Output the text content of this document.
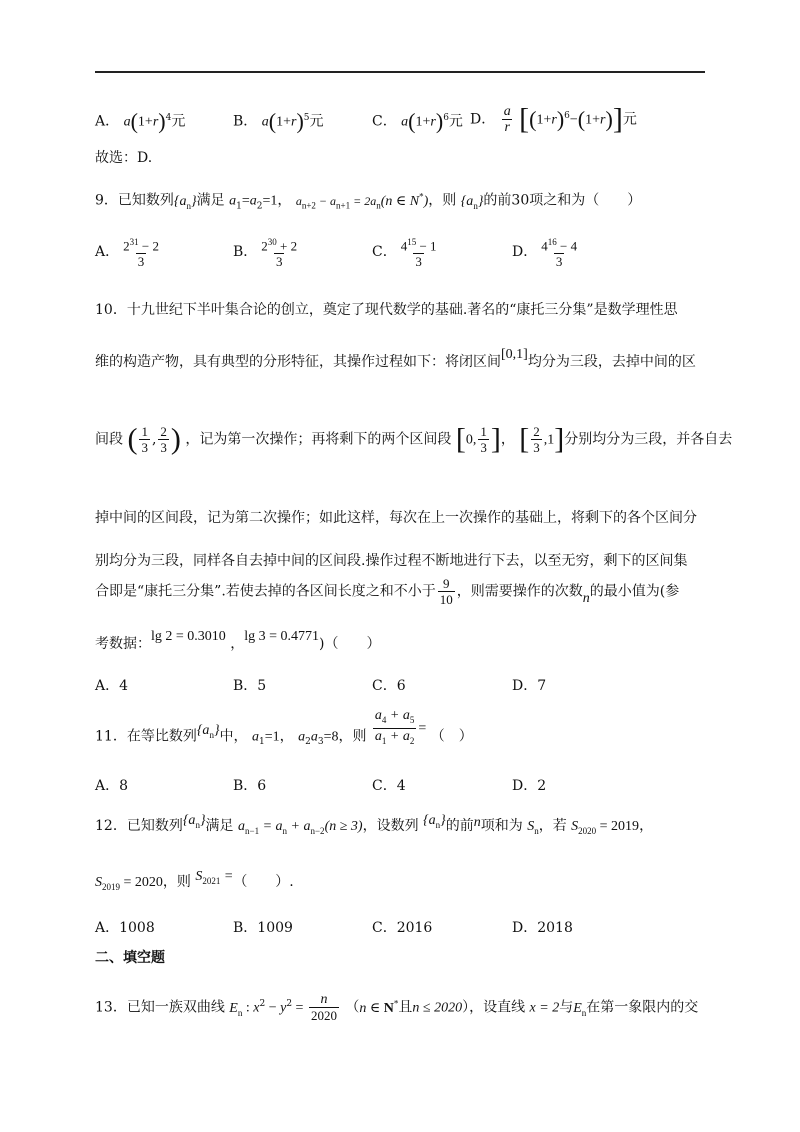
A． $a(1+r)^4$元	B． $a(1+r)^5$元	C． $a(1+r)^6$元 D． $\frac{a}{r} [(1+r)^6-(1+r)]$元
故选：D.
9．已知数列$\{a_n\}$满足 $a_1=a_2=1$， $a_{n+2} - a_{n+1} = 2a_n(n$ ∈ N*)，则 $\{a_n\}$的前30项之和为（　　）
A． $\frac{2^{31} - 2}{3}$	B． $\frac{2^{30} + 2}{3}$	C． $\frac{4^{15} - 1}{3}$	D． $\frac{4^{16} - 4}{3}$
10．十九世纪下半叶集合论的创立，奠定了现代数学的基础.著名的“康托三分集”是数学理性思
维的构造产物，具有典型的分形特征，其操作过程如下：将闭区间[0,1]均分为三段，去掉中间的区
间段 ( $\frac{1}{3}$ , $\frac{2}{3}$ ) ，记为第一次操作；再将剩下的两个区间段 [0, $\frac{1}{3}$ ]， [ $\frac{2}{3} ,1$]分别均分为三段，并各自去
掉中间的区间段，记为第二次操作；如此这样，每次在上一次操作的基础上，将剩下的各个区间分
别均分为三段，同样各自去掉中间的区间段.操作过程不断地进行下去，以至无穷，剩下的区间集
合即是“康托三分集”.若使去掉的各区间长度之和不小于 $\frac{9}{10}$ ，则需要操作的次数n的最小值为(参
考数据：lg 2 = 0.3010 ，lg 3 = 0.4771)（　　）
A．4	B．5	C．6	D．7
11．在等比数列$\{a_n\}$中， $a_1=1$， $a_2a_3=8$，则 $\frac{a_4 + a_5}{a_1 + a_2}$ = （　）
A．8	B．6	C．4	D．2
12．已知数列$\{a_n\}$满足 $a_{n-1} = a_n + a_{n-2}(n \ge 3)$，设数列 $\{a_n\}$的前n项和为 $S_n$，若 $S_{2020} = 2019$，
$S_{2019} = 2020$，则 $S_{2021}$ =（　　）.
A．1008	B．1009	C．2016	D．2018
二、填空题
13．已知一族双曲线 $E_n$ : $x^2 - y^2 = \frac{n}{2020} (n$ ∈ N*且n ≤ 2020），设直线 x = 2与$E_n$在第一象限内的交
